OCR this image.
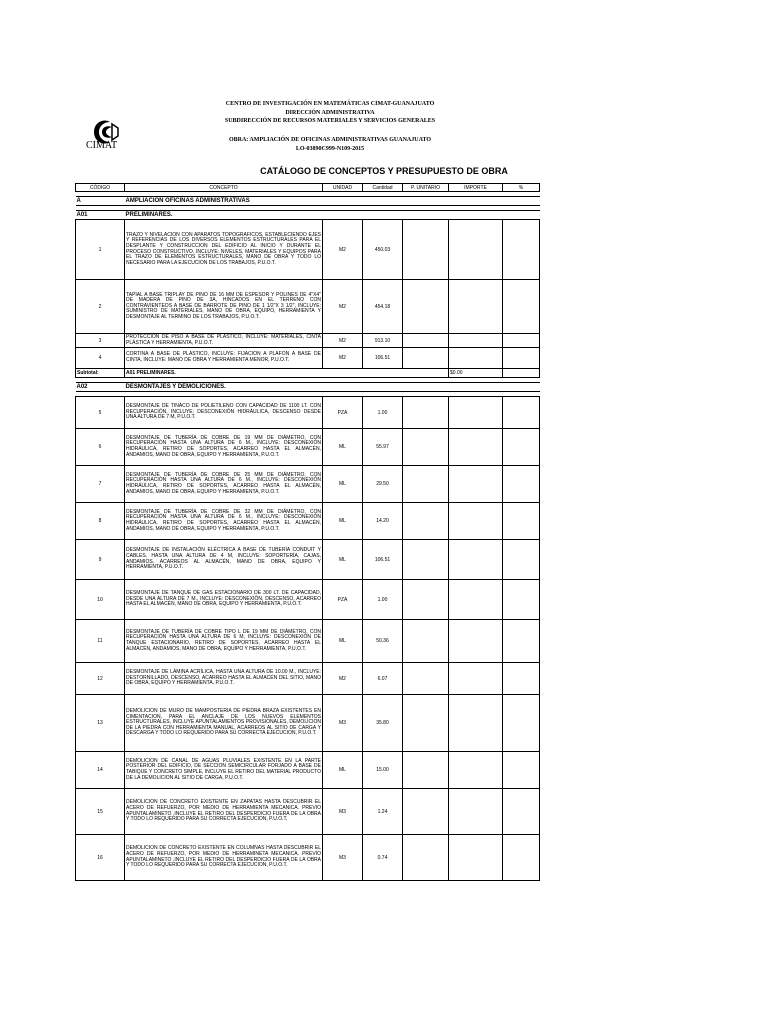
CIMAT
CENTRO DE INVESTIGACIÓN EN MATEMÁTICAS CIMAT-GUANAJUATO
DIRECCIÓN ADMINISTRATIVA
SUBDIRECCIÓN DE RECURSOS MATERIALES Y SERVICIOS GENERALES
OBRA: AMPLIACIÓN DE OFICINAS ADMINISTRATIVAS GUANAJUATO
LO-03890C999-N109-2015
CATÁLOGO DE CONCEPTOS Y PRESUPUESTO DE OBRA
CÓDIGO	CONCEPTO	UNIDAD	Cantidad	P. UNITARIO	IMPORTE	%

A	AMPLIACION OFICINAS ADMINISTRATIVAS					

A01	PRELIMINARES.					
1	TRAZO Y NIVELACION CON APARATOS TOPOGRAFICOS, ESTABLECIENDO EJES Y REFERENCIAS DE LOS DIVERSOS ELEMENTOS ESTRUCTURALES PARA EL DESPLANTE Y CONSTRUCCION DEL EDIFICIO AL INICIO Y DURANTE EL PROCESO CONSTRUCTIVO. INCLUYE: NIVELES, MATERIALES Y EQUIPOS PARA EL TRAZO DE ELEMENTOS ESTRUCTURALES, MANO DE OBRA Y TODO LO NECESARIO PARA LA EJECUCION DE LOS TRABAJOS, P.U.O.T.	M2	450.03			
2	TAPIAL A BASE TRIPLAY DE PINO DE 16 MM DE ESPESOR Y POLINES DE 4"X4" DE MADERA DE PINO DE 3A, HINCADOS EN EL TERRENO CON CONTRAVIENTEOS A BASE DE BARROTE DE PINO DE 1 1/2"X 3 1/2", INCLUYE: SUMINISTRO DE MATERIALES, MANO DE OBRA, EQUIPO, HERRAMIENTA Y DESMONTAJE AL TERMINO DE LOS TRABAJOS, P.U.O.T.	M2	454.18			
3	PROTECCION DE PISO A BASE DE PLASTICO, INCLUYE: MATERIALES, CINTA PLÁSTICA Y HERRAMIENTA, P.U.O.T.	M2	913.10			
4	CORTINA A BASE DE PLASTICO, INCLUYE: FIJACION A PLAFON A BASE DE CINTA, INCLUYE: MANO DE OBRA Y HERRAMIENTA MENOR, P.U.O.T.	M2	106.51			
Subtotal:	A01 PRELIMINARES.				$0.00	

A02	DESMONTAJES Y DEMOLICIONES.					

5	DESMONTAJE DE TINACO DE POLIETILENO CON CAPACIDAD DE 1100 LT. CON RECUPERACIÓN, INCLUYE: DESCONEXIÓN HIDRÁULICA, DESCENSO DESDE UNA ALTURA DE 7 M, P.U.O.T.	PZA	1.00			
6	DESMONTAJE DE TUBERÍA DE COBRE DE 19 MM DE DIÁMETRO, CON RECUPERACIÓN HASTA UNA ALTURA DE 6 M., INCLUYE: DESCONEXIÓN HIDRÁULICA, RETIRO DE SOPORTES, ACARREO HASTA EL ALMACÉN, ANDAMIOS, MANO DE OBRA, EQUIPO Y HERRAMIENTA, P.U.O.T.	ML	55.97			
7	DESMONTAJE DE TUBERÍA DE COBRE DE 25 MM DE DIÁMETRO, CON RECUPERACIÓN HASTA UNA ALTURA DE 6 M., INCLUYE: DESCONEXIÓN HIDRÁULICA, RETIRO DE SOPORTES, ACARREO HASTA EL ALMACÉN, ANDAMIOS, MANO DE OBRA, EQUIPO Y HERRAMIENTA, P.U.O.T.	ML	29.50			
8	DESMONTAJE DE TUBERÍA DE COBRE DE 32 MM DE DIÁMETRO, CON RECUPERACIÓN HASTA UNA ALTURA DE 6 M., INCLUYE: DESCONEXIÓN HIDRÁULICA, RETIRO DE SOPORTES, ACARREO HASTA EL ALMACÉN, ANDAMIOS, MANO DE OBRA, EQUIPO Y HERRAMIENTA, P.U.O.T.	ML	14.20			
9	DESMONTAJE DE INSTALACIÓN ELÉCTRICA A BASE DE TUBERÍA CONDUIT Y CABLES, HASTA UNA ALTURA DE 4 M, INCLUYE: SOPORTERÍA, CAJAS, ANDAMIOS, ACARREOS AL ALMACÉN, MANO DE OBRA, EQUIPO Y HERRAMIENTA, P.U.O.T.	ML	106.51			
10	DESMONTAJE DE TANQUE DE GAS ESTACIONARIO DE 300 LT. DE CAPACIDAD, DESDE UNA ALTURA DE 7 M., INCLUYE: DESCONEXIÓN, DESCENSO, ACARREO HASTA EL ALMACÉN, MANO DE OBRA, EQUIPO Y HERRAMIENTA, P.U.O.T.	PZA	1.00			
11	DESMONTAJE DE TUBERÍA DE COBRE TIPO L DE 19 MM DE DIÁMETRO, CON RECUPERACIÓN HASTA UNA ALTURA DE 6 M, INCLUYE: DESCONEXIÓN DE TANQUE ESTACIONARIO, RETIRO DE SOPORTES, ACARREO HASTA EL ALMACÉN, ANDAMIOS, MANO DE OBRA, EQUIPO Y HERRAMIENTA, P.U.O.T.	ML	50.36			
12	DESMONTAJE DE LÁMINA ACRÍLICA, HASTA UNA ALTURA DE 10.00 M., INCLUYE: DESTORNILLADO, DESCENSO, ACARREO HASTA EL ALMACÉN DEL SITIO, MANO DE OBRA, EQUIPO Y HERRAMIENTA, P.U.O.T.	M2	6.07			
13	DEMOLICION DE MURO DE MAMPOSTERIA DE PIEDRA BRAZA EXISTENTES EN CIMENTACION, PARA EL ANCLAJE DE LOS NUEVOS ELEMENTOS ESTRUCTURALES, INCLUYE APUNTALAMIENTOS PROVISIONALES, DEMOLICION DE LA PIEDRA CON HERRAMIENTA MANUAL, ACARREOS AL SITIO DE CARGA Y DESCARGA Y TODO LO REQUERIDO PARA SU CORRECTA EJECUCION, P.U.O.T.	M3	35.80			
14	DEMOLICION DE CANAL DE AGUAS PLUVIALES EXISTENTE EN LA PARTE POSTERIOR DEL EDIFICIO, DE SECCION SEMICIRCULAR FORJADO A BASE DE TABIQUE Y CONCRETO SIMPLE, INCLUYE EL RETIRO DEL MATERIAL PRODUCTO DE LA DEMOLICION AL SITIO DE CARGA, P.U.O.T.	ML	15.00			
15	DEMOLICION DE CONCRETO EXISTENTE EN ZAPATAS HASTA DESCUBRIR EL ACERO DE REFUERZO, POR MEDIO DE HERRAMIENTA MECANICA. PREVIO APUNTALAMINETO ,INCLUYE EL RETIRO DEL DESPERDICIO FUERA DE LA OBRA Y TODO LO REQUERIDO PARA SU CORRECTA EJECUCION, P.U.O.T.	M3	1.24			
16	DEMOLICION DE CONCRETO EXISTENTE EN COLUMNAS HASTA DESCUBRIR EL ACERO DE REFUERZO, POR MEDIO DE HERRAMINETA MECANICA. PREVIO APUNTALAMINETO ,INCLUYE EL RETIRO DEL DESPERDICIO FUERA DE LA OBRA Y TODO LO REQUERIDO PARA SU CORRECTA EJECUCION, P.U.O.T.	M3	0.74			
